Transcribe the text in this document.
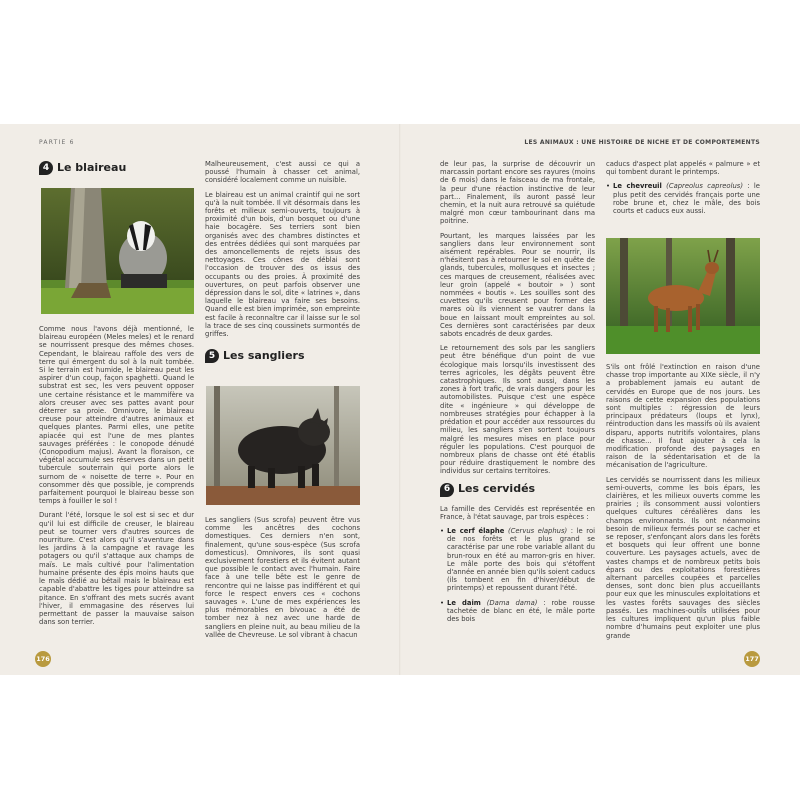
PARTIE 6	LES ANIMAUX : UNE HISTOIRE DE NICHE ET DE COMPORTEMENTS
4 Le blaireau

Comme nous l'avons déjà mentionné, le blaireau européen (Meles meles) et le renard se nourrissent presque des mêmes choses. Cependant, le blaireau raffole des vers de terre qui émergent du sol à la nuit tombée. Si le terrain est humide, le blaireau peut les aspirer d'un coup, façon spaghetti. Quand le substrat est sec, les vers peuvent opposer une certaine résistance et le mammifère va alors creuser avec ses pattes avant pour déterrer sa proie. Omnivore, le blaireau creuse pour atteindre d'autres animaux et quelques plantes. Parmi elles, une petite apiacée qui est l'une de mes plantes sauvages préférées : le conopode dénudé (Conopodium majus). Avant la floraison, ce végétal accumule ses réserves dans un petit tubercule souterrain qui porte alors le surnom de « noisette de terre ». Pour en consommer dès que possible, je comprends parfaitement pourquoi le blaireau besse son temps à fouiller le sol !

Durant l'été, lorsque le sol est si sec et dur qu'il lui est difficile de creuser, le blaireau peut se tourner vers d'autres sources de nourriture. C'est alors qu'il s'aventure dans les jardins à la campagne et ravage les potagers ou qu'il s'attaque aux champs de maïs. Le maïs cultivé pour l'alimentation humaine présente des épis moins hauts que le maïs dédié au bétail mais le blaireau est capable d'abattre les tiges pour atteindre sa pitance. En s'offrant des mets sucrés avant l'hiver, il emmagasine des réserves lui permettant de passer la mauvaise saison dans son terrier.

Malheureusement, c'est aussi ce qui a poussé l'humain à chasser cet animal, considéré localement comme un nuisible.

Le blaireau est un animal craintif qui ne sort qu'à la nuit tombée. Il vit désormais dans les forêts et milieux semi-ouverts, toujours à proximité d'un bois, d'un bosquet ou d'une haie bocagère. Ses terriers sont bien organisés avec des chambres distinctes et des entrées dédiées qui sont marquées par des amoncellements de rejets issus des nettoyages. Ces cônes de déblai sont l'occasion de trouver des os issus des occupants ou des proies. À proximité des ouvertures, on peut parfois observer une dépression dans le sol, dite « latrines », dans laquelle le blaireau va faire ses besoins. Quand elle est bien imprimée, son empreinte est facile à reconnaître car il laisse sur le sol la trace de ses cinq coussinets surmontés de griffes.

5 Les sangliers

Les sangliers (Sus scrofa) peuvent être vus comme les ancêtres des cochons domestiques. Ces derniers n'en sont, finalement, qu'une sous-espèce (Sus scrofa domesticus). Omnivores, ils sont quasi exclusivement forestiers et ils évitent autant que possible le contact avec l'humain. Faire face à une telle bête est le genre de rencontre qui ne laisse pas indifférent et qui force le respect envers ces « cochons sauvages ». L'une de mes expériences les plus mémorables en bivouac a été de tomber nez à nez avec une harde de sangliers en pleine nuit, au beau milieu de la vallée de Chevreuse. Le sol vibrant à chacun

176

de leur pas, la surprise de découvrir un marcassin portant encore ses rayures (moins de 6 mois) dans le faisceau de ma frontale, la peur d'une réaction instinctive de leur part... Finalement, ils auront passé leur chemin, et la nuit aura retrouvé sa quiétude malgré mon cœur tambourinant dans ma poitrine.

Pourtant, les marques laissées par les sangliers dans leur environnement sont aisément repérables. Pour se nourrir, ils n'hésitent pas à retourner le sol en quête de glands, tubercules, mollusques et insectes ; ces marques de creusement, réalisées avec leur groin (appelé « boutoir » ) sont nommées « boutis ». Les souilles sont des cuvettes qu'ils creusent pour former des mares où ils viennent se vautrer dans la boue en laissant moult empreintes au sol. Ces dernières sont caractérisées par deux sabots encadrés de deux gardes.

Le retournement des sols par les sangliers peut être bénéfique d'un point de vue écologique mais lorsqu'ils investissent des terres agricoles, les dégâts peuvent être catastrophiques. Ils sont aussi, dans les zones à fort trafic, de vrais dangers pour les automobilistes. Puisque c'est une espèce dite « ingénieure » qui développe de nombreuses stratégies pour échapper à la prédation et pour accéder aux ressources du milieu, les sangliers s'en sortent toujours malgré les mesures mises en place pour réguler les populations. C'est pourquoi de nombreux plans de chasse ont été établis pour réduire drastiquement le nombre des individus sur certains territoires.

6 Les cervidés

La famille des Cervidés est représentée en France, à l'état sauvage, par trois espèces :

• Le cerf élaphe (Cervus elaphus) : le roi de nos forêts et le plus grand se caractérise par une robe variable allant du brun-roux en été au marron-gris en hiver. Le mâle porte des bois qui s'étoffent d'année en année bien qu'ils soient caducs (ils tombent en fin d'hiver/début de printemps) et repoussent durant l'été.
• Le daim (Dama dama) : robe rousse tachetée de blanc en été, le mâle porte des bois

caducs d'aspect plat appelés « palmure » et qui tombent durant le printemps.

• Le chevreuil (Capreolus capreolus) : le plus petit des cervidés français porte une robe brune et, chez le mâle, des bois courts et caducs eux aussi.

S'ils ont frôlé l'extinction en raison d'une chasse trop importante au XIXe siècle, il n'y a probablement jamais eu autant de cervidés en Europe que de nos jours. Les raisons de cette expansion des populations sont multiples : régression de leurs principaux prédateurs (loups et lynx), réintroduction dans les massifs où ils avaient disparu, apports nutritifs volontaires, plans de chasse... Il faut ajouter à cela la modification profonde des paysages en raison de la sédentarisation et de la mécanisation de l'agriculture.

Les cervidés se nourrissent dans les milieux semi-ouverts, comme les bois épars, les clairières, et les milieux ouverts comme les prairies ; ils consomment aussi volontiers quelques cultures céréalières dans les champs environnants. Ils ont néanmoins besoin de milieux fermés pour se cacher et se reposer, s'enfonçant alors dans les forêts et bosquets qui leur offrent une bonne couverture. Les paysages actuels, avec de vastes champs et de nombreux petits bois épars ou des exploitations forestières alternant parcelles coupées et parcelles denses, sont donc bien plus accueillants pour eux que les minuscules exploitations et les vastes forêts sauvages des siècles passés. Les machines-outils utilisées pour les cultures impliquent qu'un plus faible nombre d'humains peut exploiter une plus grande

177
